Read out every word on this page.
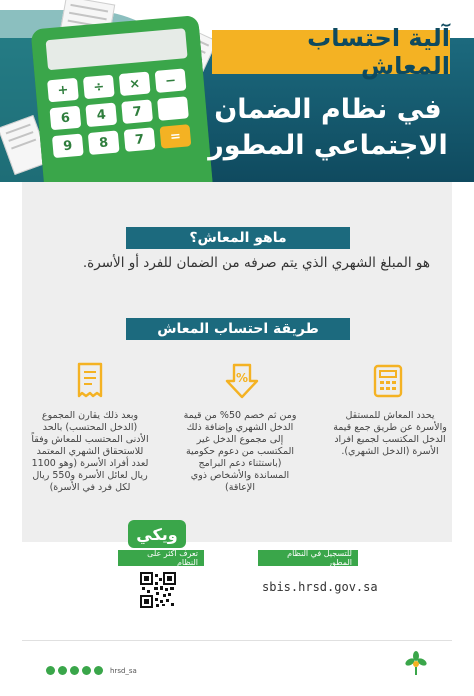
+	÷	×	−
6	4	7
9	8	7	=
آلية احتساب المعاش
في نظام الضمان
الاجتماعي المطور
ماهو المعاش؟
هو المبلغ الشهري الذي يتم صرفه من الضمان للفرد أو الأسرة.
طريقة احتساب المعاش
%
يحدد المعاش للمستقل والأسرة عن طريق جمع قيمة الدخل المكتسب لجميع افراد الأسرة (الدخل الشهري).
ومن ثم خصم 50% من قيمة الدخل الشهري وإضافة ذلك إلى مجموع الدخل غير المكتسب من دعوم حكومية (باستثناء دعم البرامج المساندة والأشخاص ذوي الإعاقة)
وبعد ذلك يقارن المجموع (الدخل المحتسب) بالحد الأدنى المحتسب للمعاش وفقاً للاستحقاق الشهري المعتمد لعدد أفراد الأسرة (وهو 1100 ريال لعائل الأسرة و550 ريال لكل فرد في الأسرة)
ويكي
للتسجيل في النظام المطور
sbis.hrsd.gov.sa
تعرف أكثر على النظام
hrsd_sa
